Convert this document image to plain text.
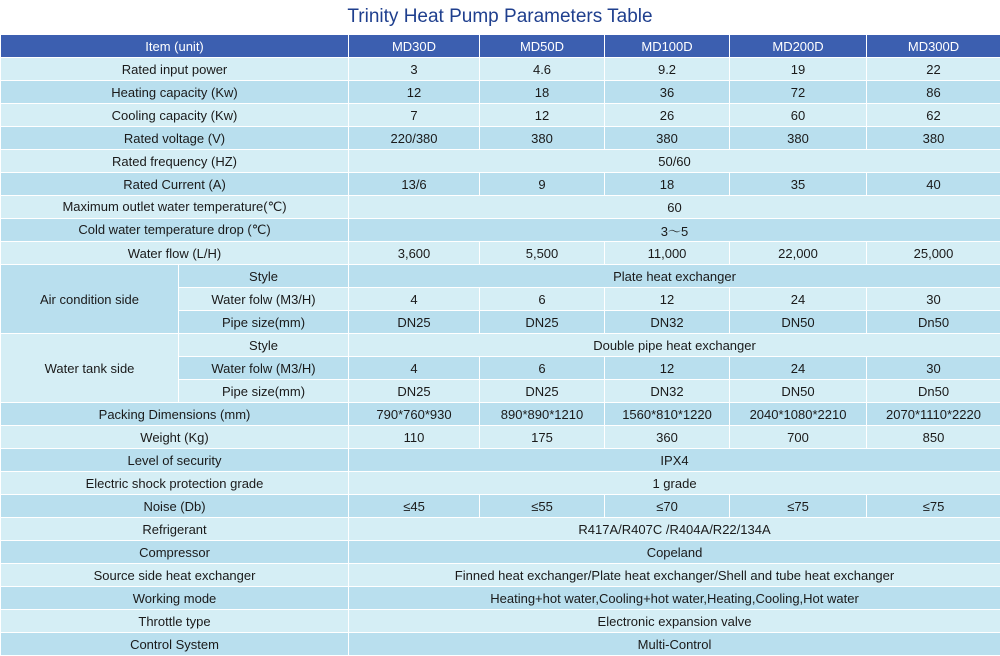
Trinity Heat Pump Parameters Table
Item (unit)		MD30D	MD50D	MD100D	MD200D	MD300D
Rated input power		3	4.6	9.2	19	22
Heating capacity (Kw)		12	18	36	72	86
Cooling capacity (Kw)		7	12	26	60	62
Rated voltage (V)		220/380	380	380	380	380
Rated frequency (HZ)		50/60				
Rated Current (A)		13/6	9	18	35	40
Maximum outlet water temperature(℃)		60				
Cold water temperature drop (℃)		3～5				
Water flow (L/H)		3,600	5,500	11,000	22,000	25,000
Air condition side	Style	Plate heat exchanger				
	Water folw (M3/H)	4	6	12	24	30
	Pipe size(mm)	DN25	DN25	DN32	DN50	Dn50
Water tank side	Style	Double pipe heat exchanger				
	Water folw (M3/H)	4	6	12	24	30
	Pipe size(mm)	DN25	DN25	DN32	DN50	Dn50
Packing Dimensions (mm)		790*760*930	890*890*1210	1560*810*1220	2040*1080*2210	2070*1110*2220
Weight (Kg)		110	175	360	700	850
Level of security		IPX4				
Electric shock protection grade		1 grade				
Noise (Db)		≤45	≤55	≤70	≤75	≤75
Refrigerant		R417A/R407C /R404A/R22/134A				
Compressor		Copeland				
Source side heat exchanger		Finned heat exchanger/Plate heat exchanger/Shell and tube heat exchanger				
Working mode		Heating+hot water,Cooling+hot water,Heating,Cooling,Hot water				
Throttle type		Electronic expansion valve				
Control System		Multi-Control				
